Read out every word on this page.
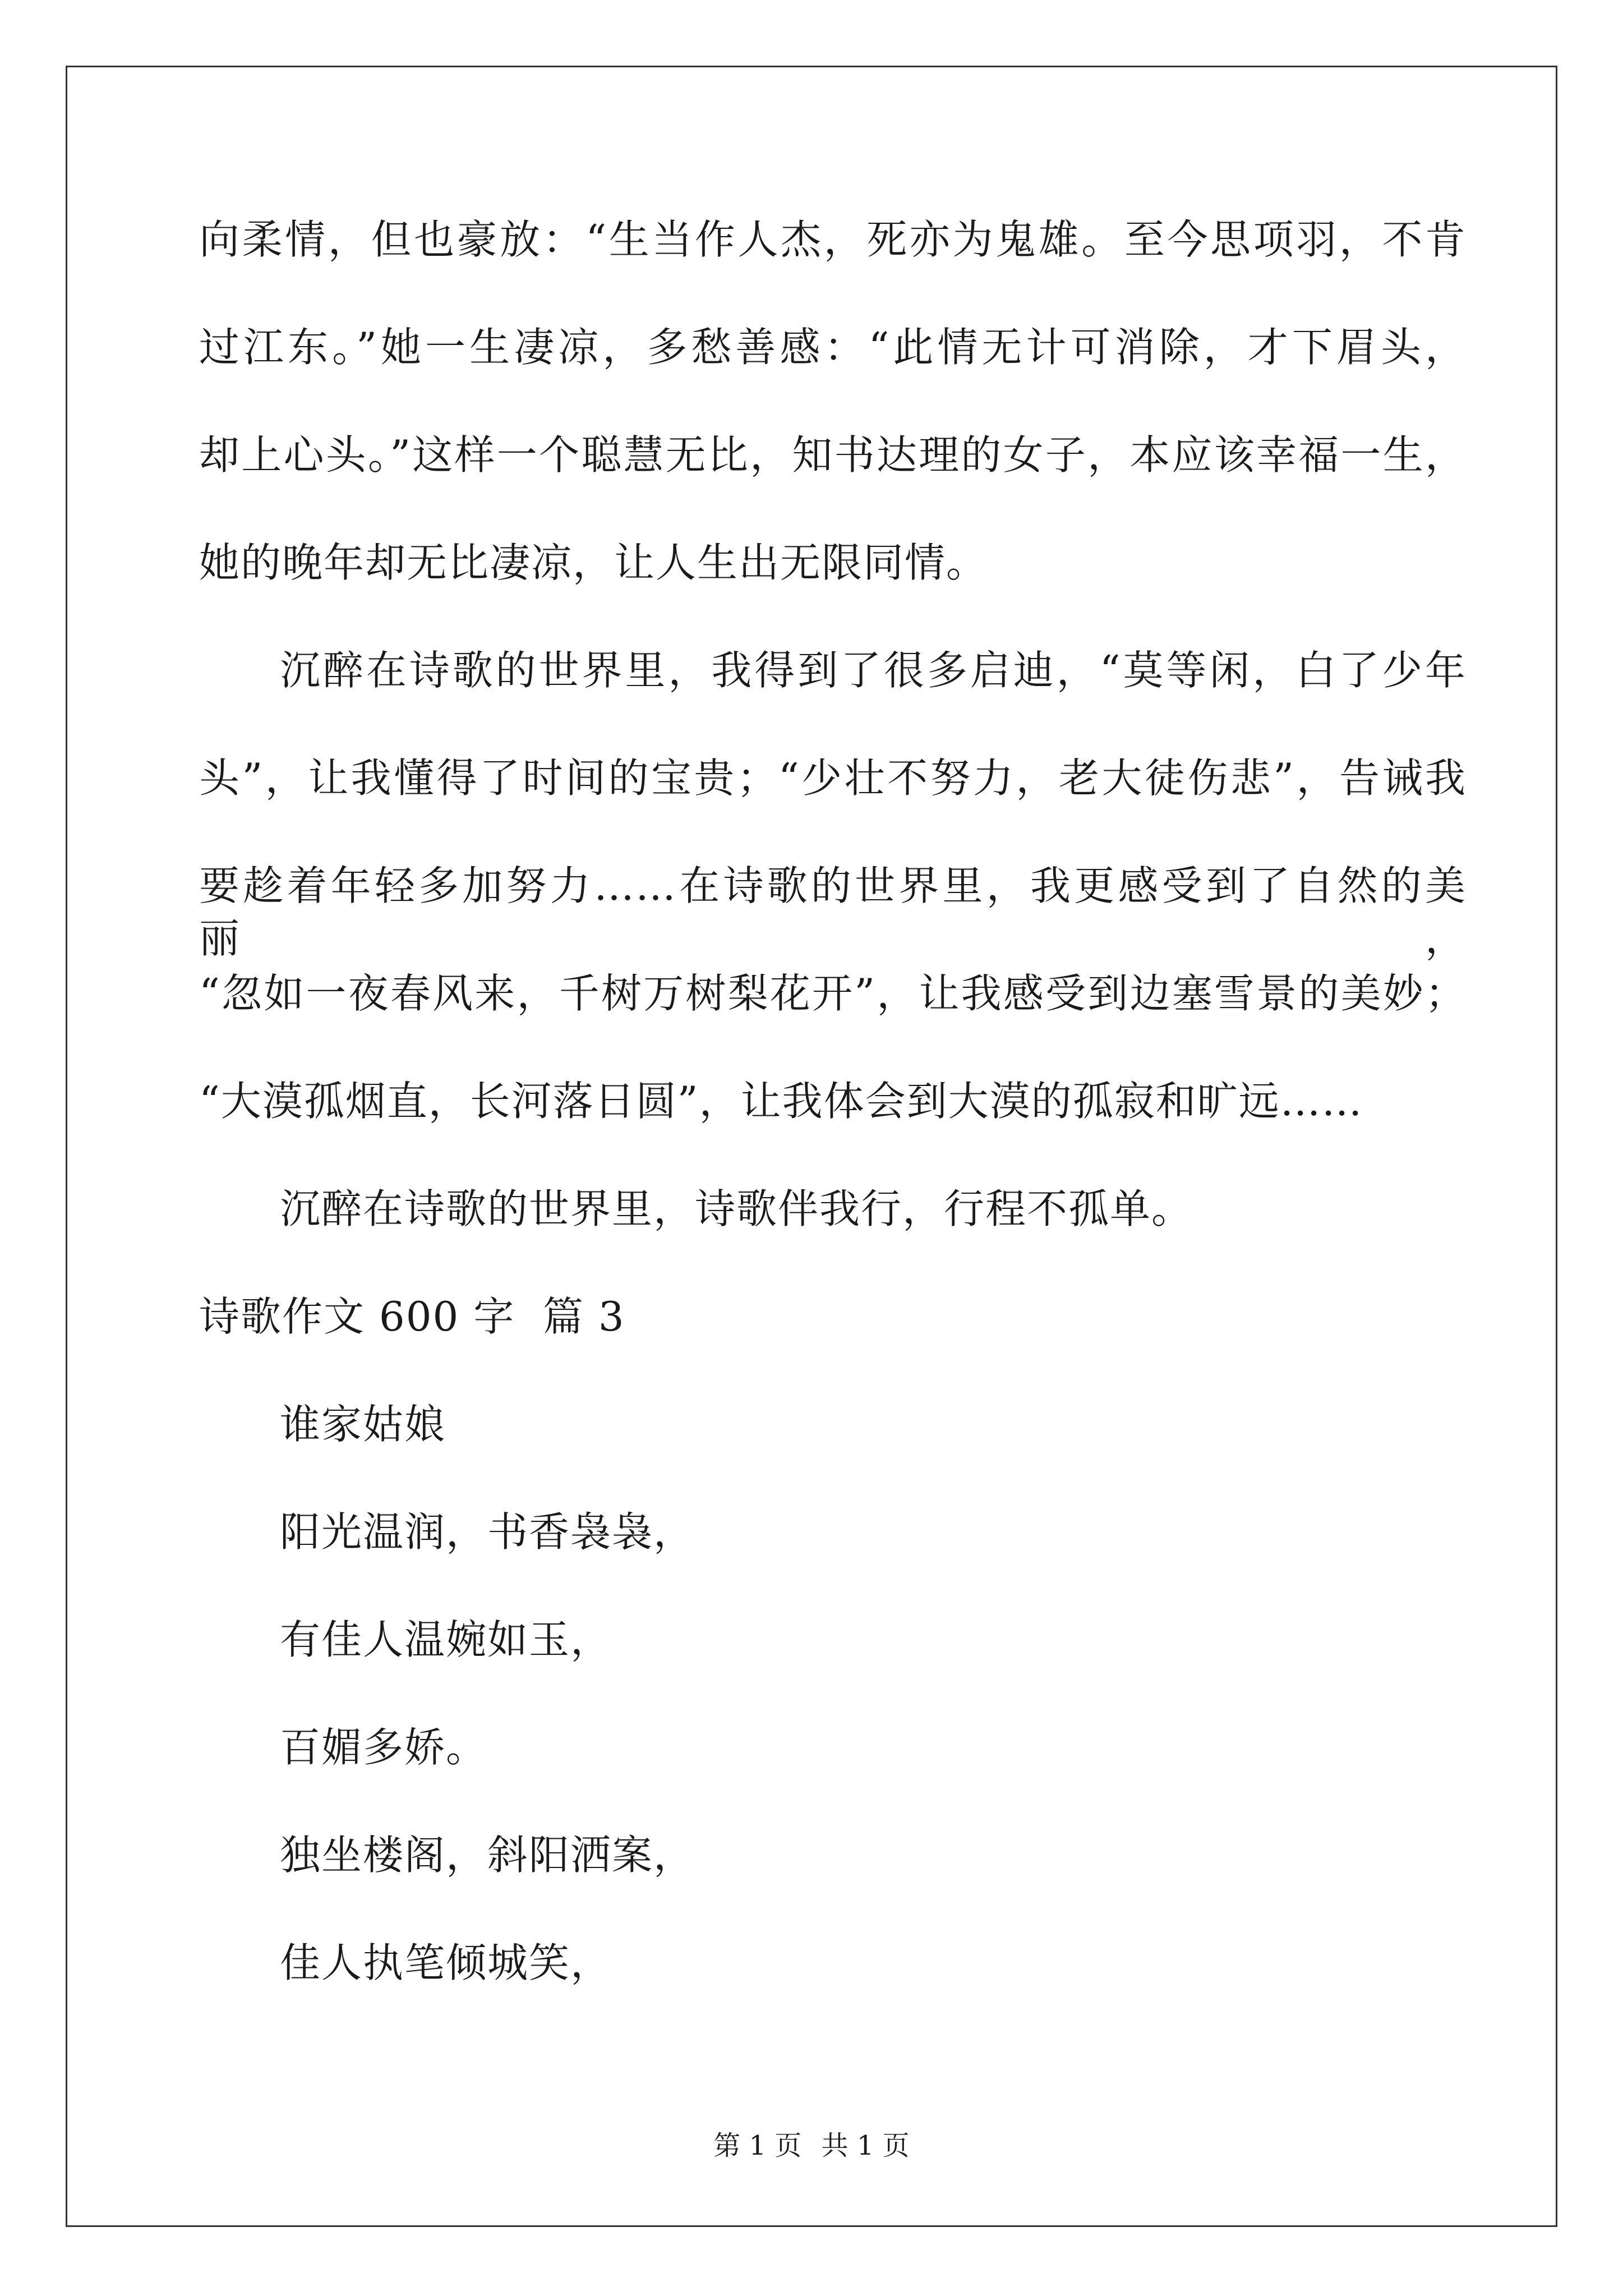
向柔情，但也豪放：“生当作人杰，死亦为鬼雄。至今思项羽，不肯
过江东。”她一生凄凉，多愁善感：“此情无计可消除，才下眉头，
却上心头。”这样一个聪慧无比，知书达理的女子，本应该幸福一生，
她的晚年却无比凄凉，让人生出无限同情。
沉醉在诗歌的世界里，我得到了很多启迪，“莫等闲，白了少年
头”，让我懂得了时间的宝贵；“少壮不努力，老大徒伤悲”，告诫我
要趁着年轻多加努力……在诗歌的世界里，我更感受到了自然的美丽，
“忽如一夜春风来，千树万树梨花开”，让我感受到边塞雪景的美妙；
“大漠孤烟直，长河落日圆”，让我体会到大漠的孤寂和旷远……
沉醉在诗歌的世界里，诗歌伴我行，行程不孤单。
诗歌作文 600 字  篇 3
谁家姑娘
阳光温润，书香袅袅，
有佳人温婉如玉，
百媚多娇。
独坐楼阁，斜阳洒案，
佳人执笔倾城笑，
第 1 页 共 1 页
